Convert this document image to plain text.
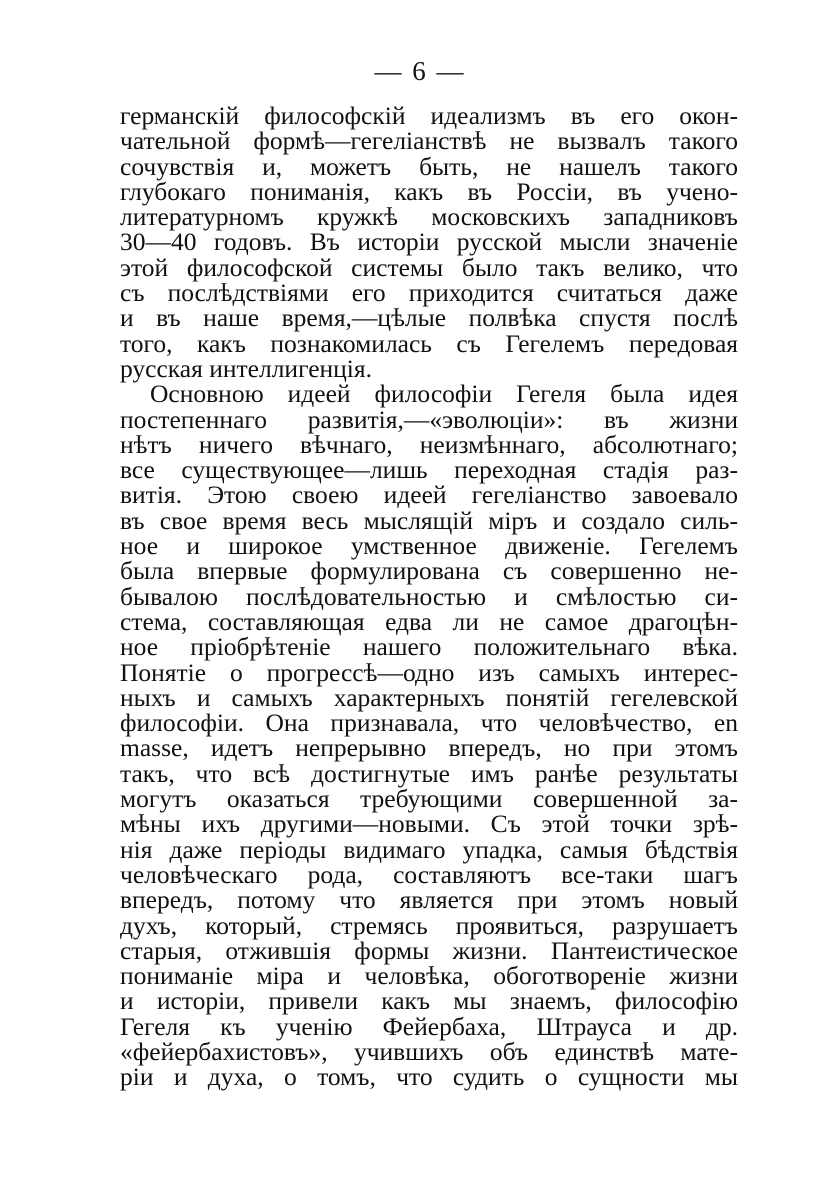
— 6 —
германскій философскій идеализмъ въ его окон-
чательной формѣ—гегеліанствѣ не вызвалъ такого
сочувствія и, можетъ быть, не нашелъ такого
глубокаго пониманія, какъ въ Россіи, въ учено-
литературномъ кружкѣ московскихъ западниковъ
30—40 годовъ. Въ исторіи русской мысли значеніе
этой философской системы было такъ велико, что
съ послѣдствіями его приходится считаться даже
и въ наше время,—цѣлые полвѣка спустя послѣ
того, какъ познакомилась съ Гегелемъ передовая
русская интеллигенція.
Основною идеей философіи Гегеля была идея
постепеннаго развитія,—«эволюціи»: въ жизни
нѣтъ ничего вѣчнаго, неизмѣннаго, абсолютнаго;
все существующее—лишь переходная стадія раз-
витія. Этою своею идеей гегеліанство завоевало
въ свое время весь мыслящій міръ и создало силь-
ное и широкое умственное движеніе. Гегелемъ
была впервые формулирована съ совершенно не-
бывалою послѣдовательностью и смѣлостью си-
стема, составляющая едва ли не самое драгоцѣн-
ное пріобрѣтеніе нашего положительнаго вѣка.
Понятіе о прогрессѣ—одно изъ самыхъ интерес-
ныхъ и самыхъ характерныхъ понятій гегелевской
философіи. Она признавала, что человѣчество, en
masse, идетъ непрерывно впередъ, но при этомъ
такъ, что всѣ достигнутые имъ ранѣе результаты
могутъ оказаться требующими совершенной за-
мѣны ихъ другими—новыми. Съ этой точки зрѣ-
нія даже періоды видимаго упадка, самыя бѣдствія
человѣческаго рода, составляютъ все-таки шагъ
впередъ, потому что является при этомъ новый
духъ, который, стремясь проявиться, разрушаетъ
старыя, отжившія формы жизни. Пантеистическое
пониманіе міра и человѣка, обоготвореніе жизни
и исторіи, привели какъ мы знаемъ, философію
Гегеля къ ученію Фейербаха, Штрауса и др.
«фейербахистовъ», учившихъ объ единствѣ мате-
ріи и духа, о томъ, что судить о сущности мы
